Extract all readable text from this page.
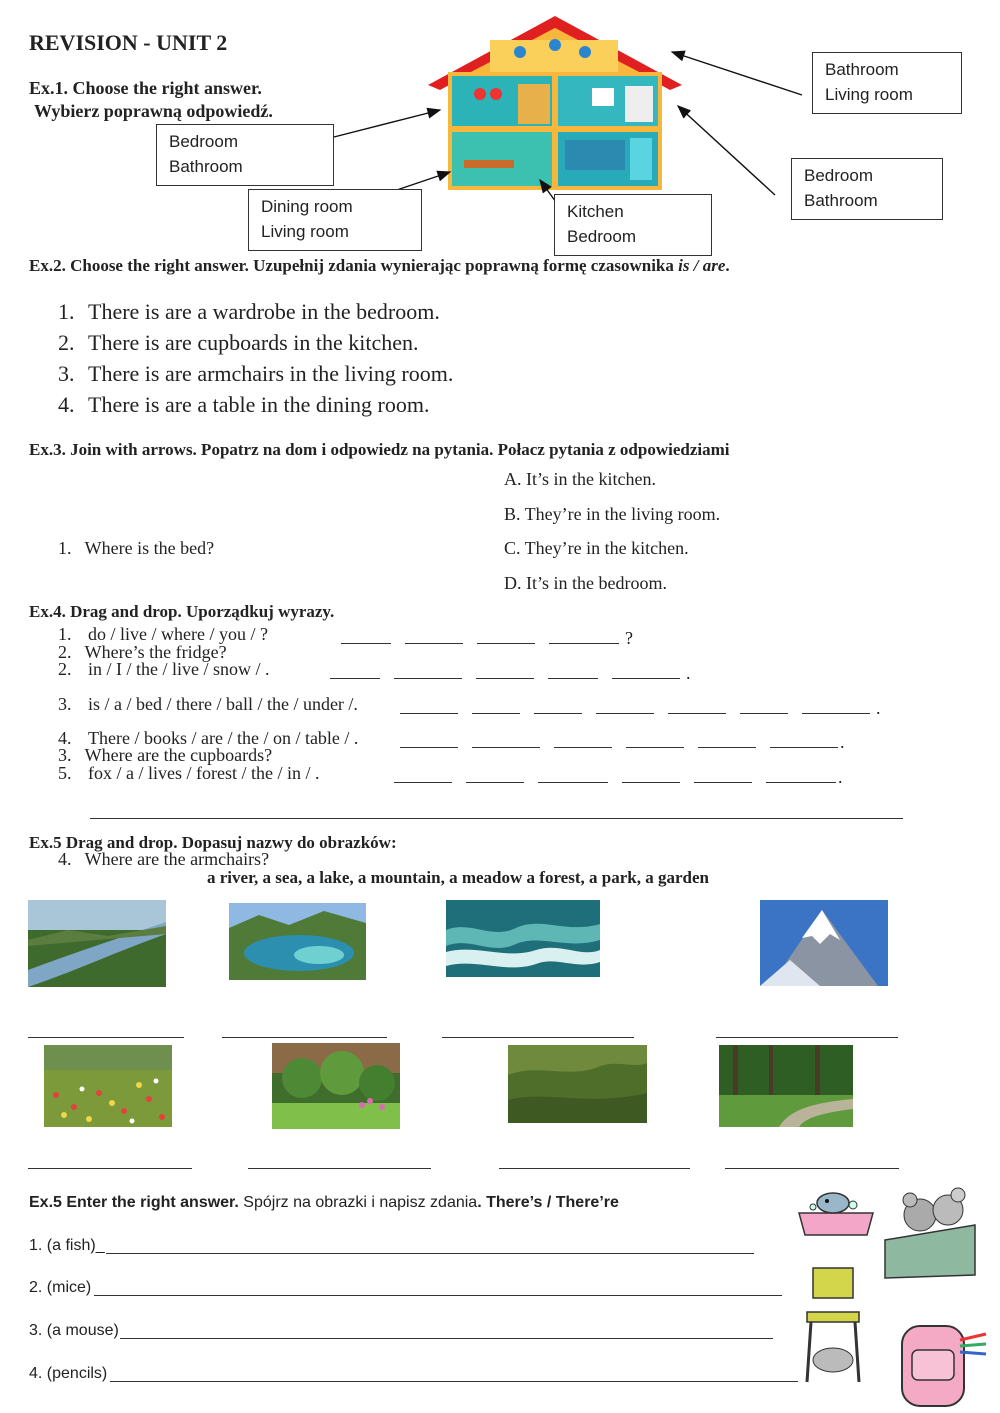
REVISION - UNIT 2
Ex.1. Choose the right answer.
Wybierz poprawną odpowiedź.
Bathroom
Living room
Bedroom
Bathroom	Bedroom
Bathroom
Dining room
Living room
Kitchen
Bedroom
Ex.2. Choose the right answer. Uzupełnij zdania wynierając poprawną formę czasownika is / are.
1. There is are a wardrobe in the bedroom.
2. There is are cupboards in the kitchen.
3. There is are armchairs in the living room.
4. There is are a table in the dining room.
Ex.3. Join with arrows. Popatrz na dom i odpowiedz na pytania. Połacz pytania z odpowiedziami

1.   Where is the bed?

2.   Where’s the fridge?

3.   Where are the cupboards?

4.   Where are the armchairs?

A. It’s in the kitchen.
B. They’re in the living room.
C. They’re in the kitchen.
D. It’s in the bedroom.
Ex.4. Drag and drop. Uporządkuj wyrazy.
1. do / live / where / you / ?
2. in / I / the / live / snow / .
3. is / a / bed / there / ball / the / under /.
4. There / books / are / the / on / table / .
5. fox / a / lives / forest / the / in / .
?
.
.
.
.
Ex.5 Drag and drop. Dopasuj nazwy do obrazków:
a river, a sea, a lake, a mountain, a meadow a forest, a park, a garden
Ex.5 Enter the right answer. Spójrz na obrazki i napisz zdania. There’s / There’re
1. (a fish)_
2. (mice)
3. (a mouse)
4. (pencils)
